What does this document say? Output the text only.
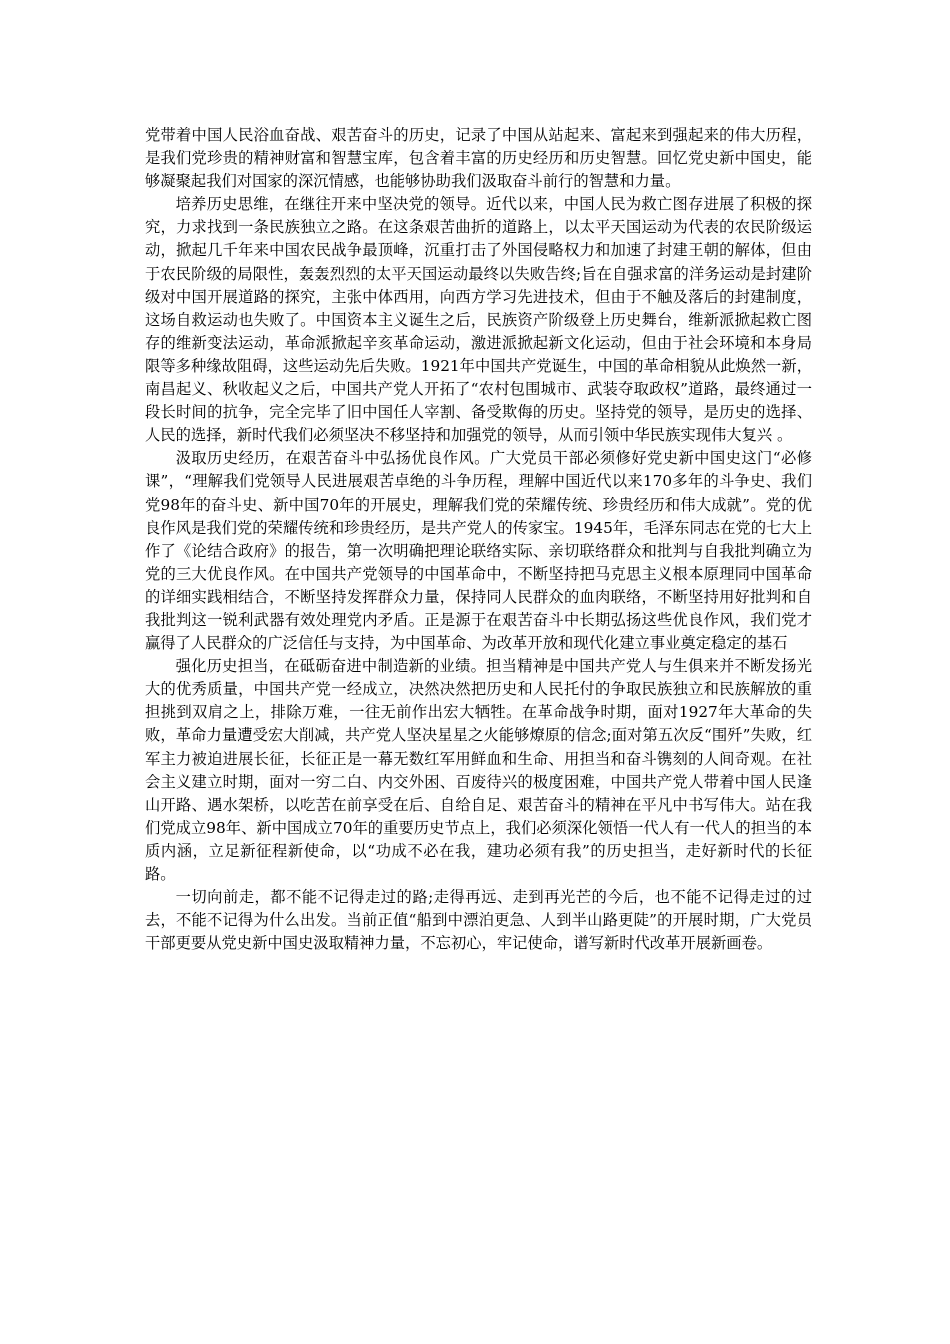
党带着中国人民浴血奋战、艰苦奋斗的历史，记录了中国从站起来、富起来到强起来的伟大历程，是我们党珍贵的精神财富和智慧宝库，包含着丰富的历史经历和历史智慧。回忆党史新中国史，能够凝聚起我们对国家的深沉情感，也能够协助我们汲取奋斗前行的智慧和力量。

培养历史思维，在继往开来中坚决党的领导。近代以来，中国人民为救亡图存进展了积极的探究，力求找到一条民族独立之路。在这条艰苦曲折的道路上，以太平天国运动为代表的农民阶级运动，掀起几千年来中国农民战争最顶峰，沉重打击了外国侵略权力和加速了封建王朝的解体，但由于农民阶级的局限性，轰轰烈烈的太平天国运动最终以失败告终;旨在自强求富的洋务运动是封建阶级对中国开展道路的探究，主张中体西用，向西方学习先进技术，但由于不触及落后的封建制度，这场自救运动也失败了。中国资本主义诞生之后，民族资产阶级登上历史舞台，维新派掀起救亡图存的维新变法运动，革命派掀起辛亥革命运动，激进派掀起新文化运动，但由于社会环境和本身局限等多种缘故阻碍，这些运动先后失败。1921年中国共产党诞生，中国的革命相貌从此焕然一新，南昌起义、秋收起义之后，中国共产党人开拓了“农村包围城市、武装夺取政权”道路，最终通过一段长时间的抗争，完全完毕了旧中国任人宰割、备受欺侮的历史。坚持党的领导，是历史的选择、人民的选择，新时代我们必须坚决不移坚持和加强党的领导，从而引领中华民族实现伟大复兴 。

汲取历史经历，在艰苦奋斗中弘扬优良作风。广大党员干部必须修好党史新中国史这门“必修课”，“理解我们党领导人民进展艰苦卓绝的斗争历程，理解中国近代以来170多年的斗争史、我们党98年的奋斗史、新中国70年的开展史，理解我们党的荣耀传统、珍贵经历和伟大成就”。党的优良作风是我们党的荣耀传统和珍贵经历，是共产党人的传家宝。1945年，毛泽东同志在党的七大上作了《论结合政府》的报告，第一次明确把理论联络实际、亲切联络群众和批判与自我批判确立为党的三大优良作风。在中国共产党领导的中国革命中，不断坚持把马克思主义根本原理同中国革命的详细实践相结合，不断坚持发挥群众力量，保持同人民群众的血肉联络，不断坚持用好批判和自我批判这一锐利武器有效处理党内矛盾。正是源于在艰苦奋斗中长期弘扬这些优良作风，我们党才赢得了人民群众的广泛信任与支持，为中国革命、为改革开放和现代化建立事业奠定稳定的基石

强化历史担当，在砥砺奋进中制造新的业绩。担当精神是中国共产党人与生俱来并不断发扬光大的优秀质量，中国共产党一经成立，决然决然把历史和人民托付的争取民族独立和民族解放的重担挑到双肩之上，排除万难，一往无前作出宏大牺牲。在革命战争时期，面对1927年大革命的失败，革命力量遭受宏大削减，共产党人坚决星星之火能够燎原的信念;面对第五次反“围歼”失败，红军主力被迫进展长征，长征正是一幕无数红军用鲜血和生命、用担当和奋斗镌刻的人间奇观。在社会主义建立时期，面对一穷二白、内交外困、百废待兴的极度困难，中国共产党人带着中国人民逢山开路、遇水架桥，以吃苦在前享受在后、自给自足、艰苦奋斗的精神在平凡中书写伟大。站在我们党成立98年、新中国成立70年的重要历史节点上，我们必须深化领悟一代人有一代人的担当的本质内涵，立足新征程新使命，以“功成不必在我，建功必须有我”的历史担当，走好新时代的长征路。

一切向前走，都不能不记得走过的路;走得再远、走到再光芒的今后，也不能不记得走过的过去，不能不记得为什么出发。当前正值“船到中漂泊更急、人到半山路更陡”的开展时期，广大党员干部更要从党史新中国史汲取精神力量，不忘初心，牢记使命，谱写新时代改革开展新画卷。
